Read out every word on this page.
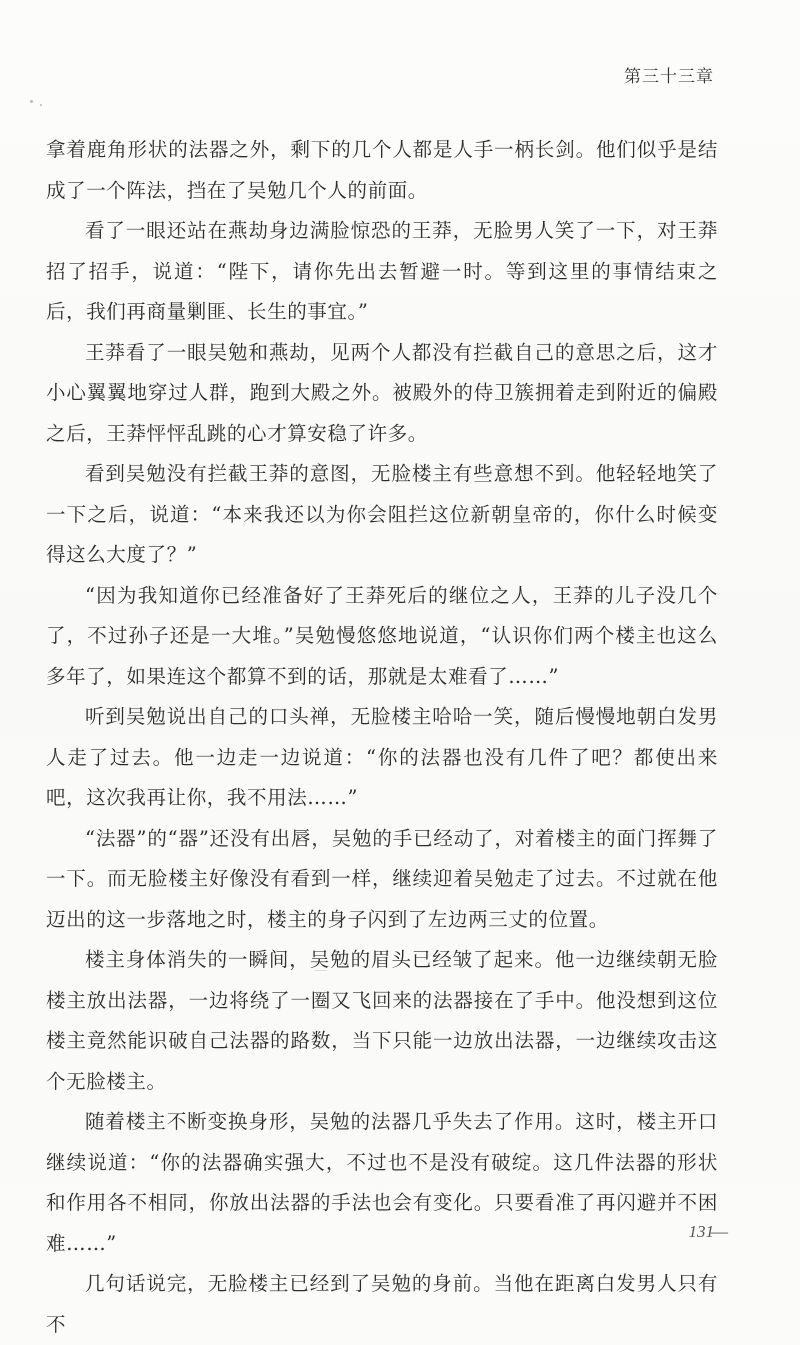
第三十三章

拿着鹿角形状的法器之外，剩下的几个人都是人手一柄长剑。他们似乎是结成了一个阵法，挡在了吴勉几个人的前面。

看了一眼还站在燕劫身边满脸惊恐的王莽，无脸男人笑了一下，对王莽招了招手，说道：“陛下，请你先出去暂避一时。等到这里的事情结束之后，我们再商量剿匪、长生的事宜。”

王莽看了一眼吴勉和燕劫，见两个人都没有拦截自己的意思之后，这才小心翼翼地穿过人群，跑到大殿之外。被殿外的侍卫簇拥着走到附近的偏殿之后，王莽怦怦乱跳的心才算安稳了许多。

看到吴勉没有拦截王莽的意图，无脸楼主有些意想不到。他轻轻地笑了一下之后，说道：“本来我还以为你会阻拦这位新朝皇帝的，你什么时候变得这么大度了？”

“因为我知道你已经准备好了王莽死后的继位之人，王莽的儿子没几个了，不过孙子还是一大堆。”吴勉慢悠悠地说道，“认识你们两个楼主也这么多年了，如果连这个都算不到的话，那就是太难看了……”

听到吴勉说出自己的口头禅，无脸楼主哈哈一笑，随后慢慢地朝白发男人走了过去。他一边走一边说道：“你的法器也没有几件了吧？都使出来吧，这次我再让你，我不用法……”

“法器”的“器”还没有出唇，吴勉的手已经动了，对着楼主的面门挥舞了一下。而无脸楼主好像没有看到一样，继续迎着吴勉走了过去。不过就在他迈出的这一步落地之时，楼主的身子闪到了左边两三丈的位置。

楼主身体消失的一瞬间，吴勉的眉头已经皱了起来。他一边继续朝无脸楼主放出法器，一边将绕了一圈又飞回来的法器接在了手中。他没想到这位楼主竟然能识破自己法器的路数，当下只能一边放出法器，一边继续攻击这个无脸楼主。

随着楼主不断变换身形，吴勉的法器几乎失去了作用。这时，楼主开口继续说道：“你的法器确实强大，不过也不是没有破绽。这几件法器的形状和作用各不相同，你放出法器的手法也会有变化。只要看准了再闪避并不困难……”

几句话说完，无脸楼主已经到了吴勉的身前。当他在距离白发男人只有不

131
—
